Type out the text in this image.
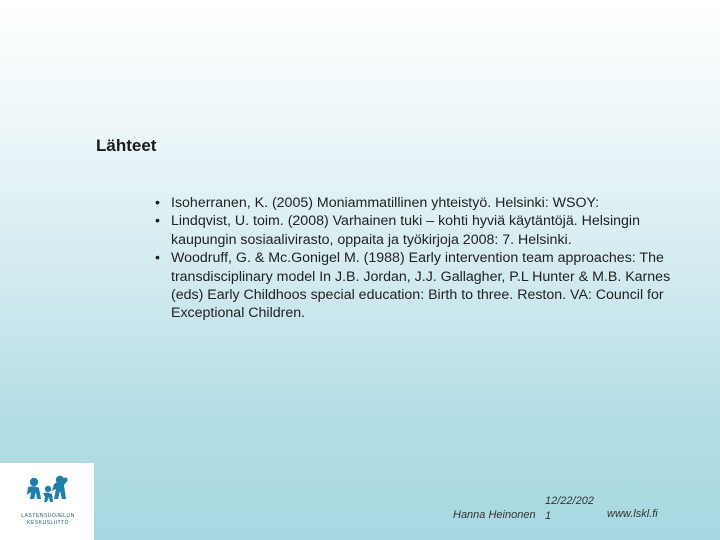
Lähteet
• Isoherranen, K. (2005) Moniammatillinen yhteistyö. Helsinki: WSOY:
• Lindqvist, U. toim. (2008) Varhainen tuki – kohti hyviä käytäntöjä. Helsingin kaupungin sosiaalivirasto, oppaita ja työkirjoja 2008: 7. Helsinki.
• Woodruff, G. & Mc.Gonigel M. (1988) Early intervention team approaches: The transdisciplinary model In J.B. Jordan, J.J. Gallagher, P.L Hunter & M.B. Karnes (eds) Early Childhoos special education: Birth to three. Reston. VA: Council for Exceptional Children.
LASTENSUOJELUN
KESKUSLIITTO
Hanna Heinonen
12/22/202 1	www.lskl.fi
